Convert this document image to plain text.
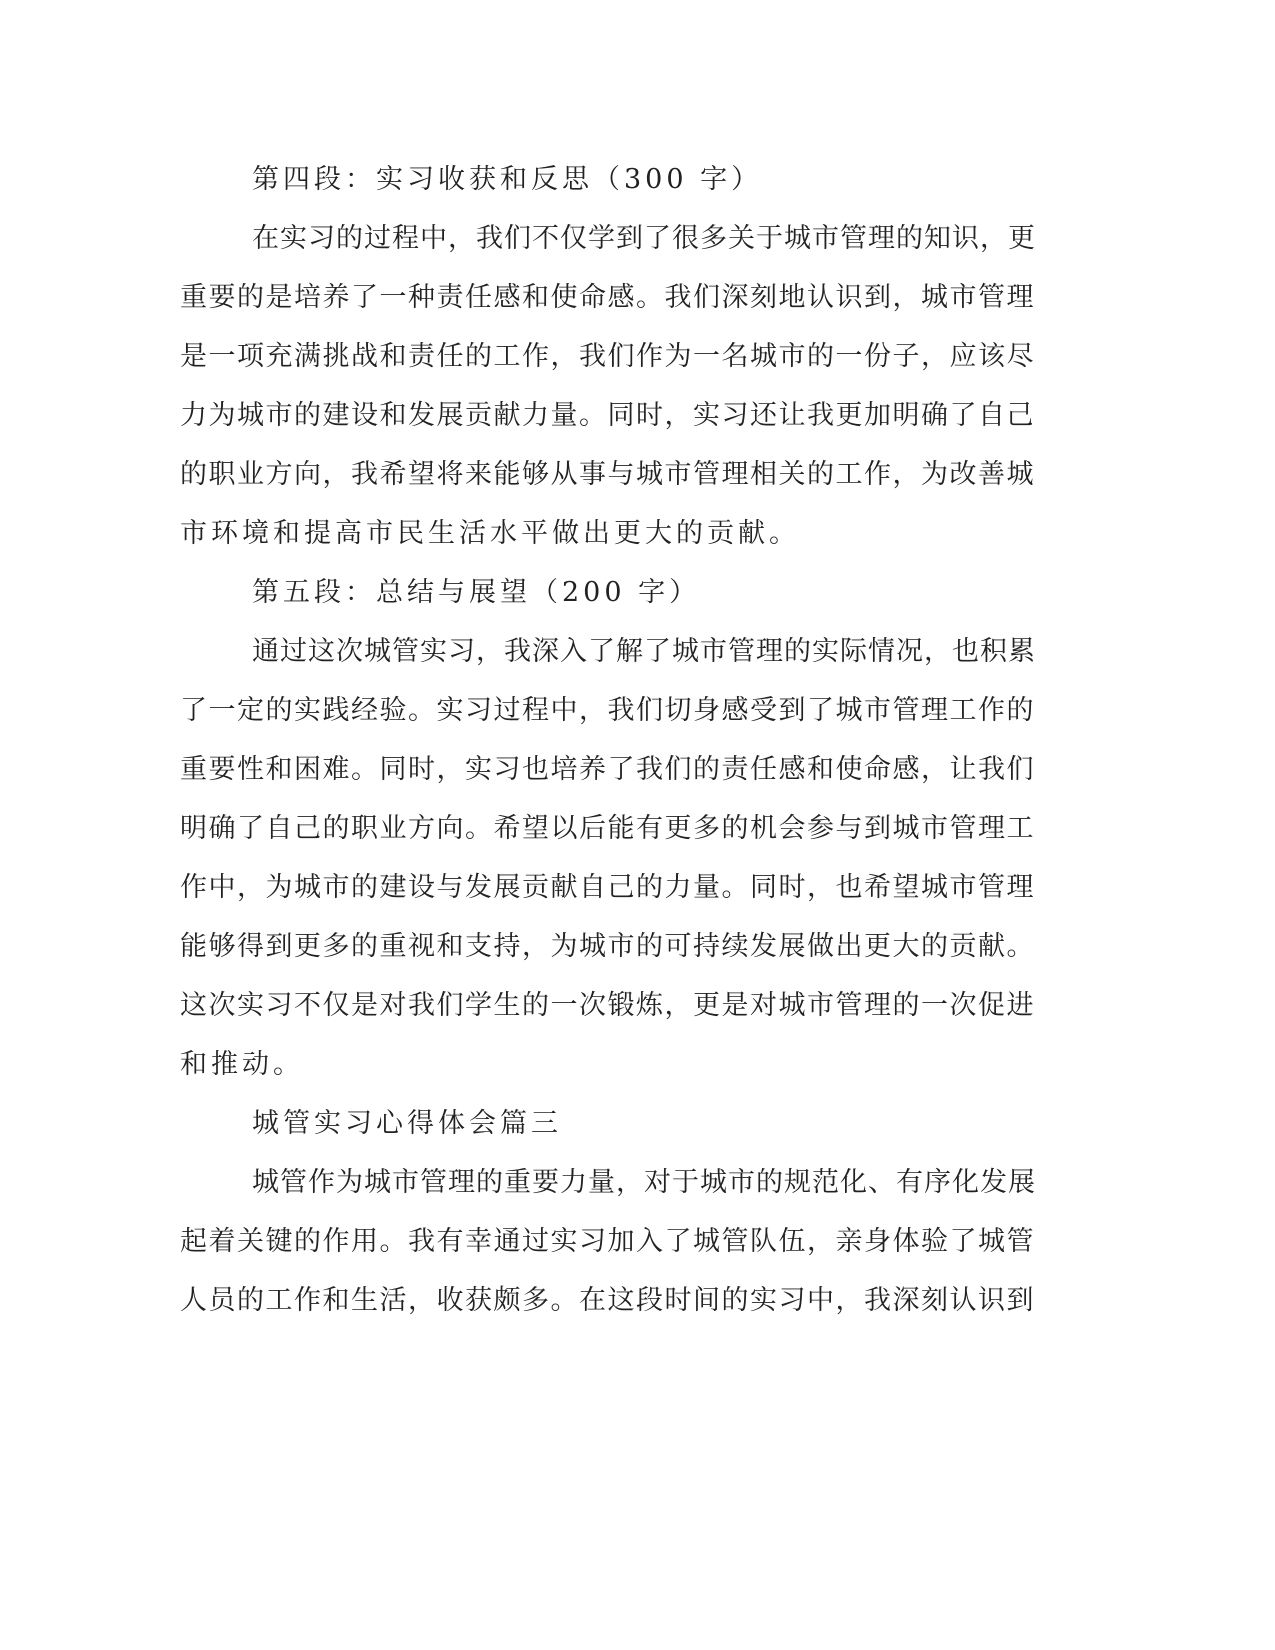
第四段：实习收获和反思（300 字）
在实习的过程中，我们不仅学到了很多关于城市管理的知识，更
重要的是培养了一种责任感和使命感。我们深刻地认识到，城市管理
是一项充满挑战和责任的工作，我们作为一名城市的一份子，应该尽
力为城市的建设和发展贡献力量。同时，实习还让我更加明确了自己
的职业方向，我希望将来能够从事与城市管理相关的工作，为改善城
市环境和提高市民生活水平做出更大的贡献。
第五段：总结与展望（200 字）
通过这次城管实习，我深入了解了城市管理的实际情况，也积累
了一定的实践经验。实习过程中，我们切身感受到了城市管理工作的
重要性和困难。同时，实习也培养了我们的责任感和使命感，让我们
明确了自己的职业方向。希望以后能有更多的机会参与到城市管理工
作中，为城市的建设与发展贡献自己的力量。同时，也希望城市管理
能够得到更多的重视和支持，为城市的可持续发展做出更大的贡献。
这次实习不仅是对我们学生的一次锻炼，更是对城市管理的一次促进
和推动。
城管实习心得体会篇三
城管作为城市管理的重要力量，对于城市的规范化、有序化发展
起着关键的作用。我有幸通过实习加入了城管队伍，亲身体验了城管
人员的工作和生活，收获颇多。在这段时间的实习中，我深刻认识到
